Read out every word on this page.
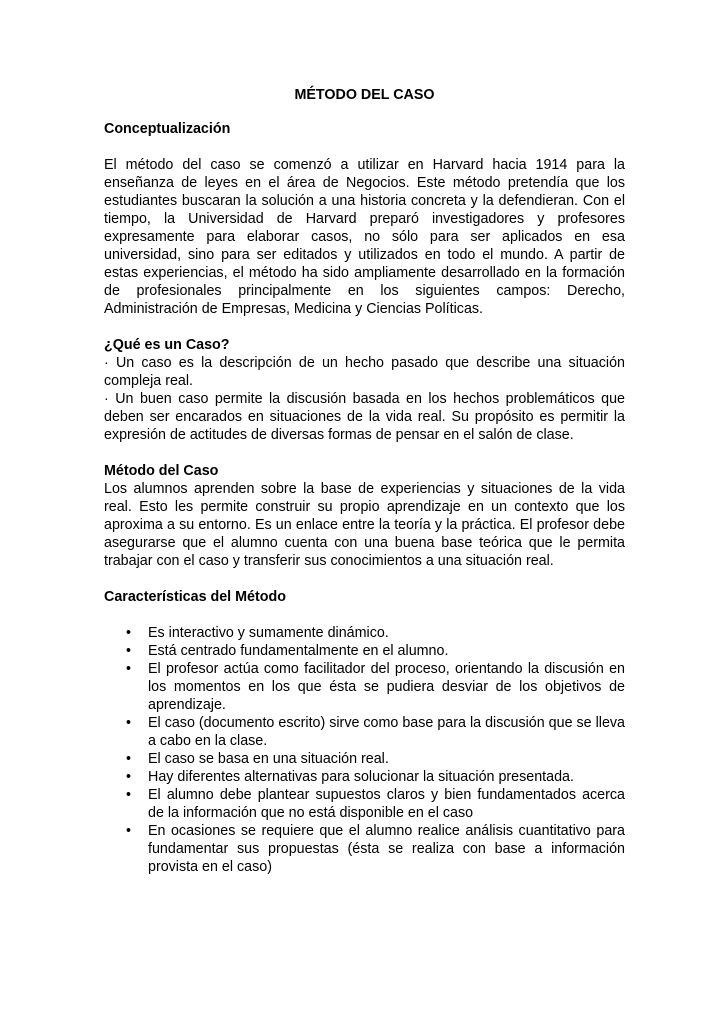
MÉTODO DEL CASO
Conceptualización

El método del caso se comenzó a utilizar en Harvard hacia 1914 para la enseñanza de leyes en el área de Negocios. Este método pretendía que los estudiantes buscaran la solución a una historia concreta y la defendieran. Con el tiempo, la Universidad de Harvard preparó investigadores y profesores expresamente para elaborar casos, no sólo para ser aplicados en esa universidad, sino para ser editados y utilizados en todo el mundo. A partir de estas experiencias, el método ha sido ampliamente desarrollado en la formación de profesionales principalmente en los siguientes campos: Derecho, Administración de Empresas, Medicina y Ciencias Políticas.

¿Qué es un Caso?

· Un caso es la descripción de un hecho pasado que describe una situación compleja real.

· Un buen caso permite la discusión basada en los hechos problemáticos que deben ser encarados en situaciones de la vida real. Su propósito es permitir la expresión de actitudes de diversas formas de pensar en el salón de clase.

Método del Caso

Los alumnos aprenden sobre la base de experiencias y situaciones de la vida real. Esto les permite construir su propio aprendizaje en un contexto que los aproxima a su entorno. Es un enlace entre la teoría y la práctica. El profesor debe asegurarse que el alumno cuenta con una buena base teórica que le permita trabajar con el caso y transferir sus conocimientos a una situación real.

Características del Método
• Es interactivo y sumamente dinámico.
• Está centrado fundamentalmente en el alumno.
• El profesor actúa como facilitador del proceso, orientando la discusión en los momentos en los que ésta se pudiera desviar de los objetivos de aprendizaje.
• El caso (documento escrito) sirve como base para la discusión que se lleva a cabo en la clase.
• El caso se basa en una situación real.
• Hay diferentes alternativas para solucionar la situación presentada.
• El alumno debe plantear supuestos claros y bien fundamentados acerca de la información que no está disponible en el caso
• En ocasiones se requiere que el alumno realice análisis cuantitativo para fundamentar sus propuestas (ésta se realiza con base a información provista en el caso)
